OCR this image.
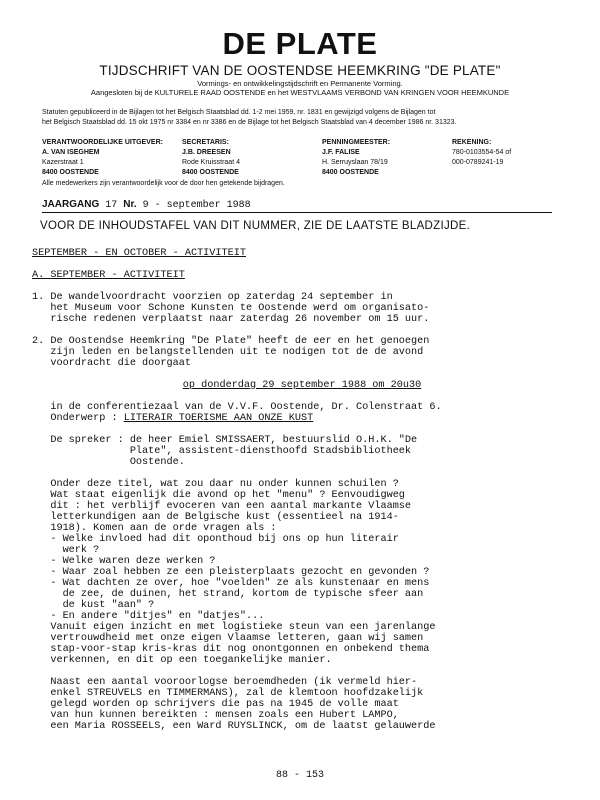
DE PLATE
TIJDSCHRIFT VAN DE OOSTENDSE HEEMKRING "DE PLATE"
Vormings- en ontwikkelingstijdschrift en Permanente Vorming.
Aangesloten bij de KULTURELE RAAD OOSTENDE en het WESTVLAAMS VERBOND VAN KRINGEN VOOR HEEMKUNDE
Statuten gepubliceerd in de Bijlagen tot het Belgisch Staatsblad dd. 1-2 mei 1959, nr. 1831 en gewijzigd volgens de Bijlagen tot
het Belgisch Staatsblad dd. 15 okt 1975 nr 3384 en nr 3386 en de Bijlage tot het Belgisch Staatsblad van 4 december 1986 nr. 31323.
VERANTWOORDELIJKE UITGEVER:
A. VAN ISEGHEM
Kazerstraat 1
8400 OOSTENDE
SECRETARIS:
J.B. DREESEN
Rode Kruisstraat 4
8400 OOSTENDE
PENNINGMEESTER:
J.F. FALISE
H. Serruyslaan 78/19
8400 OOSTENDE
REKENING:
780-0103554-54 of
000-0789241-19
Alle medewerkers zijn verantwoordelijk voor de door hen getekende bijdragen.
JAARGANG 17 Nr. 9 - september 1988
VOOR DE INHOUDSTAFEL VAN DIT NUMMER, ZIE DE LAATSTE BLADZIJDE.

SEPTEMBER - EN OCTOBER - ACTIVITEIT

A. SEPTEMBER - ACTIVITEIT

1. De wandelvoordracht voorzien op zaterdag 24 september in

het Museum voor Schone Kunsten te Oostende werd om organisato-

rische redenen verplaatst naar zaterdag 26 november om 15 uur.

2. De Oostendse Heemkring "De Plate" heeft de eer en het genoegen

zijn leden en belangstellenden uit te nodigen tot de de avond

voordracht die doorgaat

op donderdag 29 september 1988 om 20u30

in de conferentiezaal van de V.V.F. Oostende, Dr. Colenstraat 6.

Onderwerp : LITERAIR TOERISME AAN ONZE KUST

De spreker : de heer Emiel SMISSAERT, bestuurslid O.H.K. "De

Plate", assistent-diensthoofd Stadsbibliotheek

Oostende.

Onder deze titel, wat zou daar nu onder kunnen schuilen ?

Wat staat eigenlijk die avond op het "menu" ? Eenvoudigweg

dit : het verblijf evoceren van een aantal markante Vlaamse

letterkundigen aan de Belgische kust (essentieel na 1914-

1918). Komen aan de orde vragen als :

- Welke invloed had dit oponthoud bij ons op hun literair

werk ?

- Welke waren deze werken ?

- Waar zoal hebben ze een pleisterplaats gezocht en gevonden ?

- Wat dachten ze over, hoe "voelden" ze als kunstenaar en mens

de zee, de duinen, het strand, kortom de typische sfeer aan

de kust "aan" ?

- En andere "ditjes" en "datjes"...

Vanuit eigen inzicht en met logistieke steun van een jarenlange

vertrouwdheid met onze eigen Vlaamse letteren, gaan wij samen

stap-voor-stap kris-kras dit nog onontgonnen en onbekend thema

verkennen, en dit op een toegankelijke manier.

Naast een aantal vooroorlogse beroemdheden (ik vermeld hier-

enkel STREUVELS en TIMMERMANS), zal de klemtoon hoofdzakelijk

gelegd worden op schrijvers die pas na 1945 de volle maat

van hun kunnen bereikten : mensen zoals een Hubert LAMPO,

een Maria ROSSEELS, een Ward RUYSLINCK, om de laatst gelauwerde

88 - 153
